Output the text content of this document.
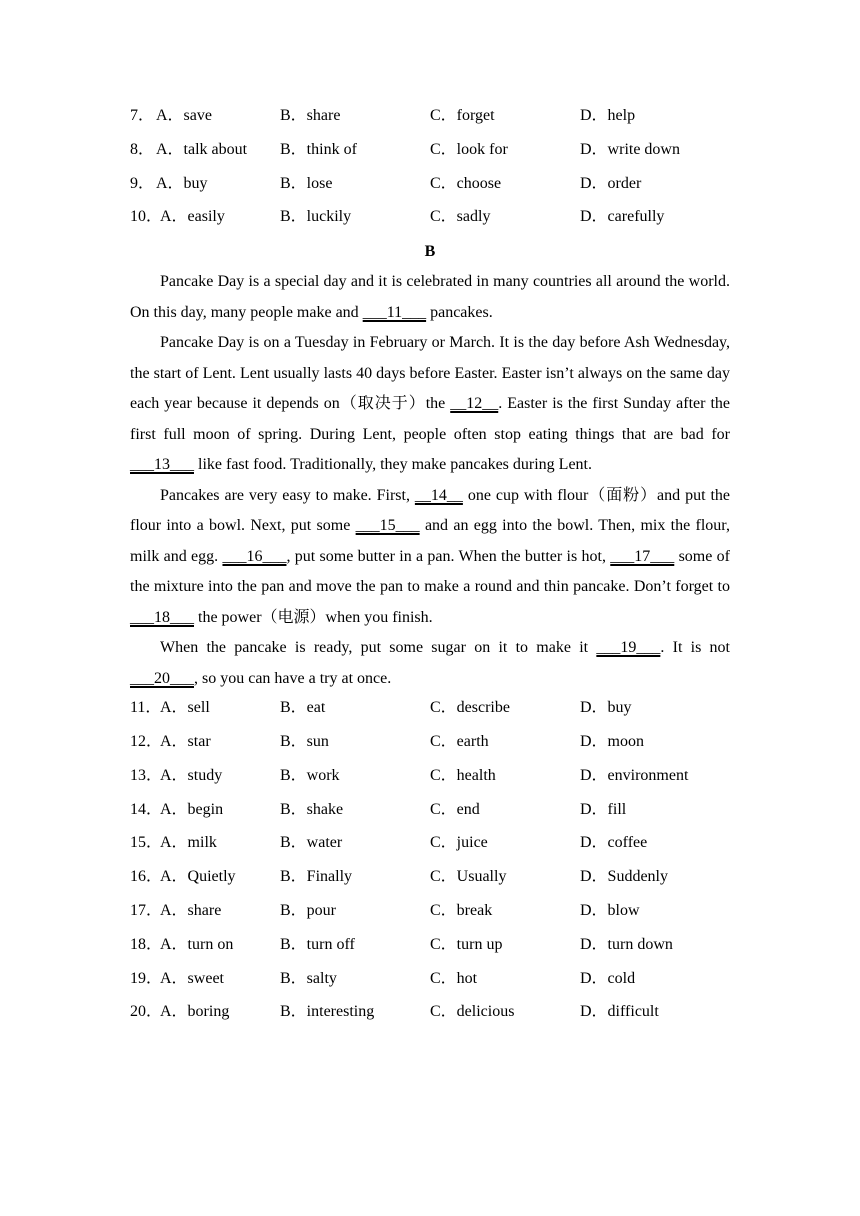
7． A．save	B．share	C．forget	D．help
8． A．talk about B．think of	C．look for	D．write down
9． A．buy	B．lose	C．choose	D．order
10．
A．easily	B．luckily	C．sadly	D．carefully
B

Pancake Day is a special day and it is celebrated in many countries all around the world. On this day, many people make and ___11___ pancakes.

Pancake Day is on a Tuesday in February or March. It is the day before Ash Wednesday, the start of Lent. Lent usually lasts 40 days before Easter. Easter isn’t always on the same day each year because it depends on（取决于）the __12__. Easter is the first Sunday after the first full moon of spring. During Lent, people often stop eating things that are bad for ___13___ like fast food. Traditionally, they make pancakes during Lent.

Pancakes are very easy to make. First, __14__ one cup with flour（面粉）and put the flour into a bowl. Next, put some ___15___ and an egg into the bowl. Then, mix the flour, milk and egg. ___16___, put some butter in a pan. When the butter is hot, ___17___ some of the mixture into the pan and move the pan to make a round and thin pancake. Don’t forget to ___18___ the power（电源）when you finish.

When the pancake is ready, put some sugar on it to make it ___19___. It is not ___20___, so you can have a try at once.

11．
A．sell	B．eat	C．describe	D．buy
12．
A．star	B．sun	C．earth	D．moon
13．
A．study	B．work	C．health	D．environment
14．
A．begin	B．shake	C．end	D．fill
15．
A．milk	B．water	C．juice	D．coffee
16．
A．Quietly	B．Finally	C．Usually	D．Suddenly
17．
A．share	B．pour	C．break	D．blow
18．
A．turn on	B．turn off	C．turn up	D．turn down
19．
A．sweet	B．salty	C．hot	D．cold
20．
A．boring	B．interesting	C．delicious	D．difficult
